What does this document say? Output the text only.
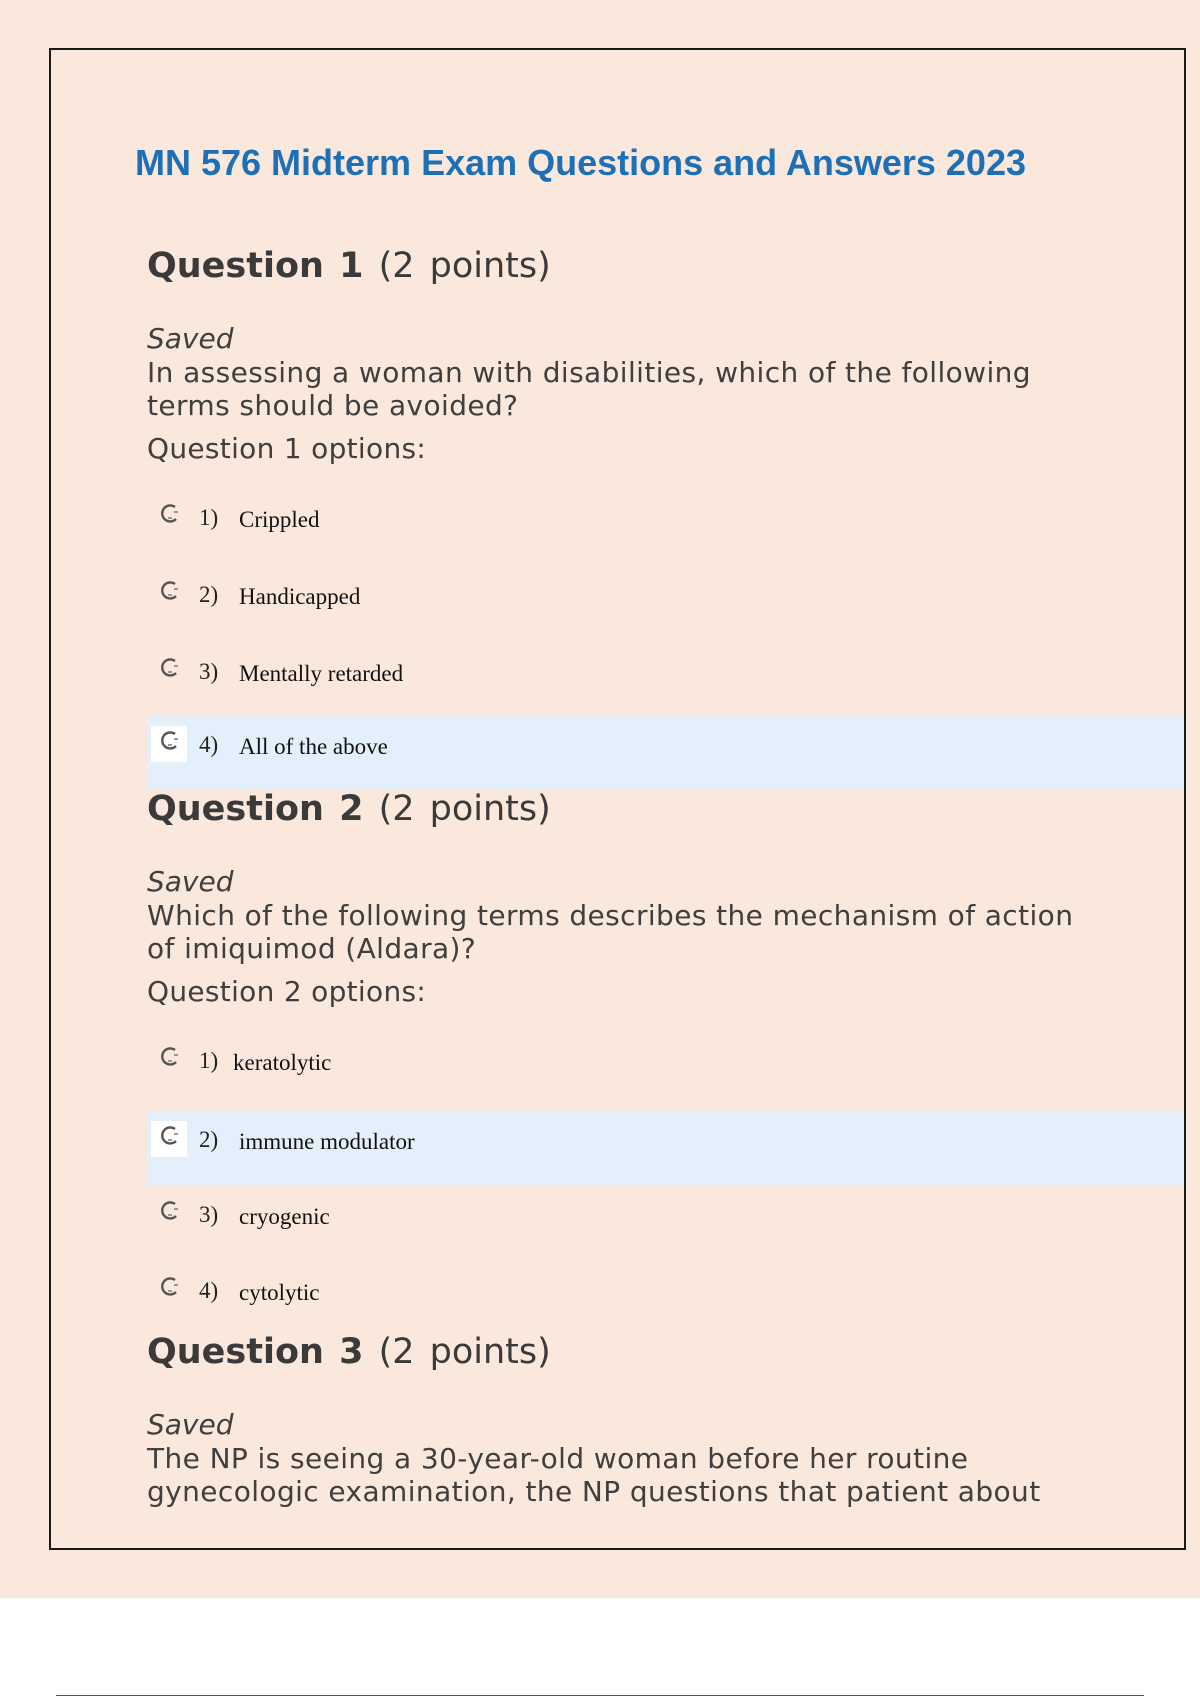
MN 576 Midterm Exam Questions and Answers 2023
Question 1 (2 points)
Saved
In assessing a woman with disabilities, which of the following terms should be avoided?
Question 1 options:
1) Crippled
2) Handicapped
3) Mentally retarded
4) All of the above
Question 2 (2 points)
Saved
Which of the following terms describes the mechanism of action of imiquimod (Aldara)?
Question 2 options:
1) keratolytic
2) immune modulator
3) cryogenic
4) cytolytic
Question 3 (2 points)
Saved
The NP is seeing a 30-year-old woman before her routine gynecologic examination, the NP questions that patient about
